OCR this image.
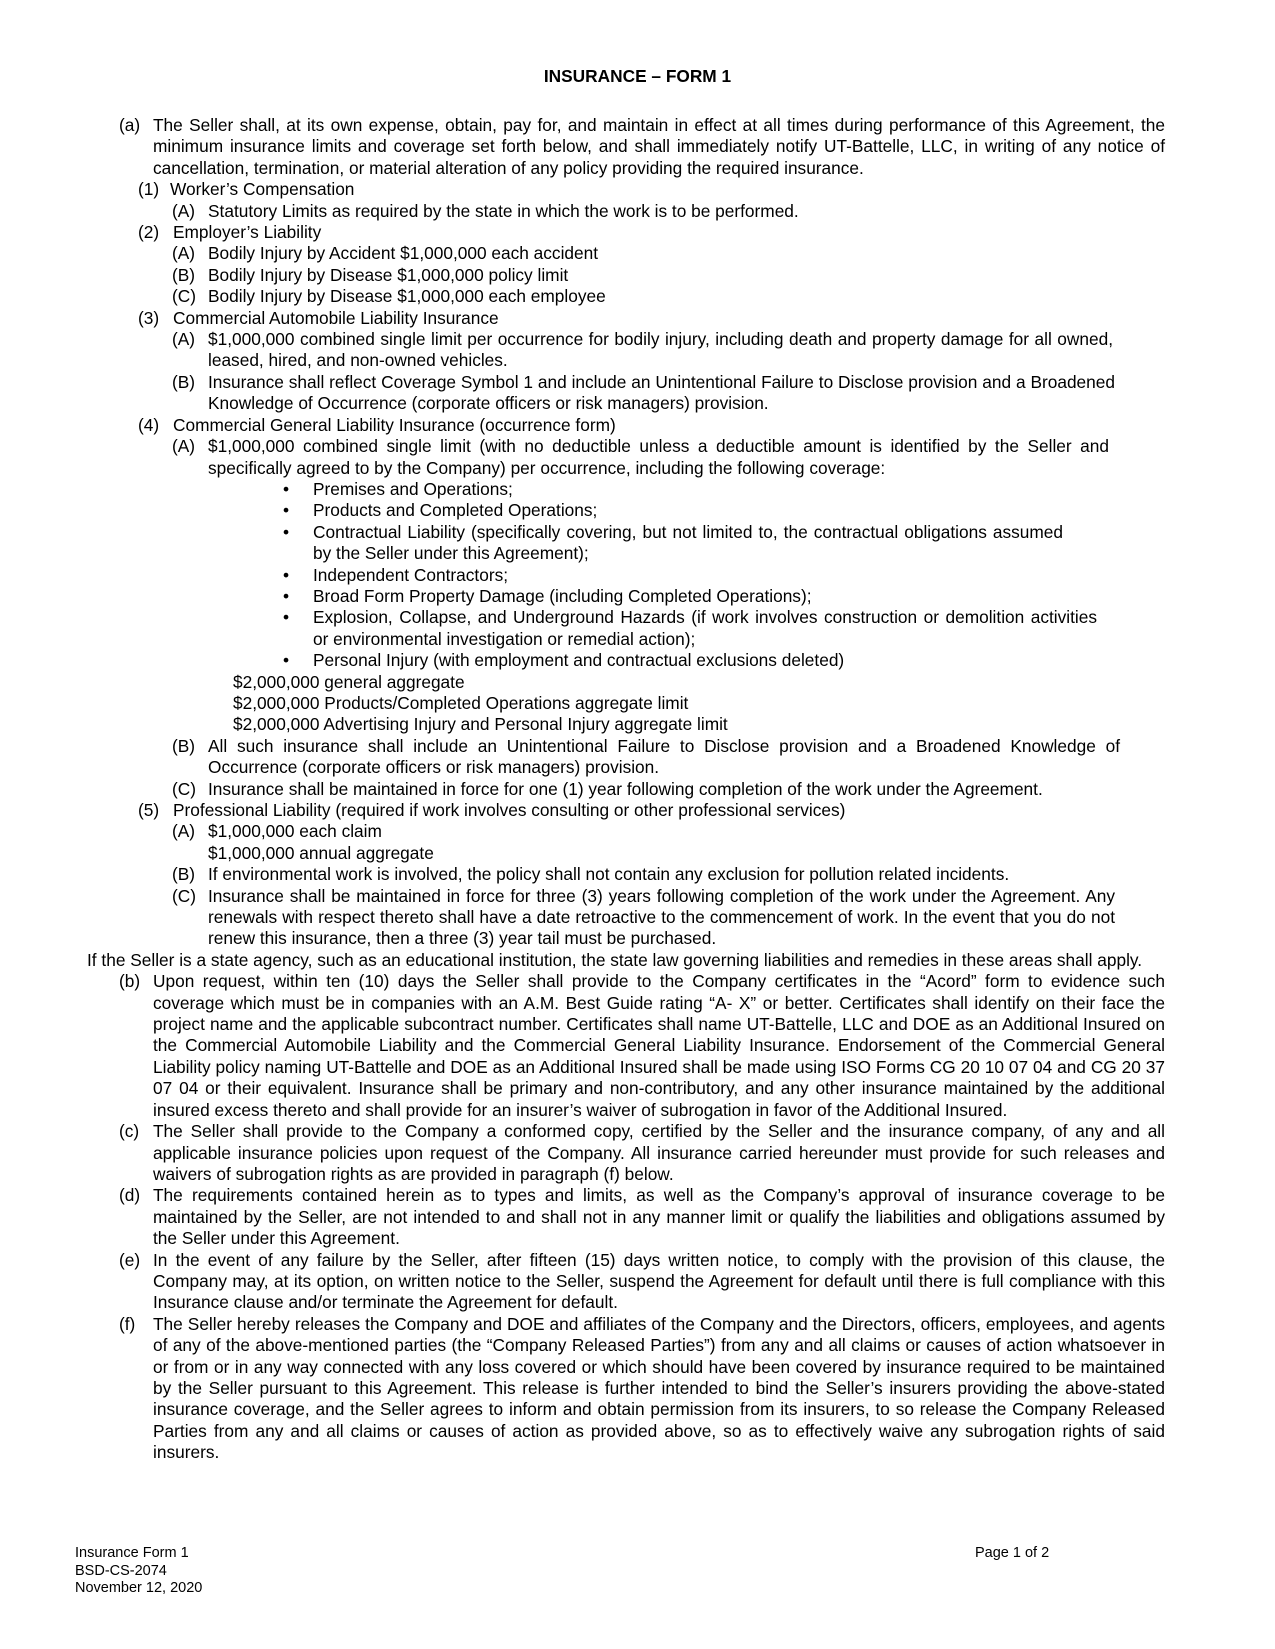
INSURANCE – FORM 1
(a) The Seller shall, at its own expense, obtain, pay for, and maintain in effect at all times during performance of this Agreement, the minimum insurance limits and coverage set forth below, and shall immediately notify UT-Battelle, LLC, in writing of any notice of cancellation, termination, or material alteration of any policy providing the required insurance.
(1) Worker’s Compensation
(A) Statutory Limits as required by the state in which the work is to be performed.
(2) Employer’s Liability
(A) Bodily Injury by Accident $1,000,000 each accident
(B) Bodily Injury by Disease $1,000,000 policy limit
(C) Bodily Injury by Disease $1,000,000 each employee
(3) Commercial Automobile Liability Insurance
(A) $1,000,000 combined single limit per occurrence for bodily injury, including death and property damage for all owned, leased, hired, and non-owned vehicles.
(B) Insurance shall reflect Coverage Symbol 1 and include an Unintentional Failure to Disclose provision and a Broadened Knowledge of Occurrence (corporate officers or risk managers) provision.
(4) Commercial General Liability Insurance (occurrence form)
(A) $1,000,000 combined single limit (with no deductible unless a deductible amount is identified by the Seller and specifically agreed to by the Company) per occurrence, including the following coverage:
• Premises and Operations;
• Products and Completed Operations;
• Contractual Liability (specifically covering, but not limited to, the contractual obligations assumed by the Seller under this Agreement);
• Independent Contractors;
• Broad Form Property Damage (including Completed Operations);
• Explosion, Collapse, and Underground Hazards (if work involves construction or demolition activities or environmental investigation or remedial action);
• Personal Injury (with employment and contractual exclusions deleted)
$2,000,000 general aggregate
$2,000,000 Products/Completed Operations aggregate limit
$2,000,000 Advertising Injury and Personal Injury aggregate limit
(B) All such insurance shall include an Unintentional Failure to Disclose provision and a Broadened Knowledge of Occurrence (corporate officers or risk managers) provision.
(C) Insurance shall be maintained in force for one (1) year following completion of the work under the Agreement.
(5) Professional Liability (required if work involves consulting or other professional services)
(A) $1,000,000 each claim
$1,000,000 annual aggregate
(B) If environmental work is involved, the policy shall not contain any exclusion for pollution related incidents.
(C) Insurance shall be maintained in force for three (3) years following completion of the work under the Agreement. Any renewals with respect thereto shall have a date retroactive to the commencement of work. In the event that you do not renew this insurance, then a three (3) year tail must be purchased.
If the Seller is a state agency, such as an educational institution, the state law governing liabilities and remedies in these areas shall apply.
(b) Upon request, within ten (10) days the Seller shall provide to the Company certificates in the “Acord” form to evidence such coverage which must be in companies with an A.M. Best Guide rating “A- X” or better. Certificates shall identify on their face the project name and the applicable subcontract number. Certificates shall name UT-Battelle, LLC and DOE as an Additional Insured on the Commercial Automobile Liability and the Commercial General Liability Insurance. Endorsement of the Commercial General Liability policy naming UT-Battelle and DOE as an Additional Insured shall be made using ISO Forms CG 20 10 07 04 and CG 20 37 07 04 or their equivalent. Insurance shall be primary and non-contributory, and any other insurance maintained by the additional insured excess thereto and shall provide for an insurer’s waiver of subrogation in favor of the Additional Insured.
(c) The Seller shall provide to the Company a conformed copy, certified by the Seller and the insurance company, of any and all applicable insurance policies upon request of the Company. All insurance carried hereunder must provide for such releases and waivers of subrogation rights as are provided in paragraph (f) below.
(d) The requirements contained herein as to types and limits, as well as the Company’s approval of insurance coverage to be maintained by the Seller, are not intended to and shall not in any manner limit or qualify the liabilities and obligations assumed by the Seller under this Agreement.
(e) In the event of any failure by the Seller, after fifteen (15) days written notice, to comply with the provision of this clause, the Company may, at its option, on written notice to the Seller, suspend the Agreement for default until there is full compliance with this Insurance clause and/or terminate the Agreement for default.
(f) The Seller hereby releases the Company and DOE and affiliates of the Company and the Directors, officers, employees, and agents of any of the above-mentioned parties (the “Company Released Parties”) from any and all claims or causes of action whatsoever in or from or in any way connected with any loss covered or which should have been covered by insurance required to be maintained by the Seller pursuant to this Agreement. This release is further intended to bind the Seller’s insurers providing the above-stated insurance coverage, and the Seller agrees to inform and obtain permission from its insurers, to so release the Company Released Parties from any and all claims or causes of action as provided above, so as to effectively waive any subrogation rights of said insurers.
Insurance Form 1
BSD-CS-2074
November 12, 2020
Page 1 of 2
